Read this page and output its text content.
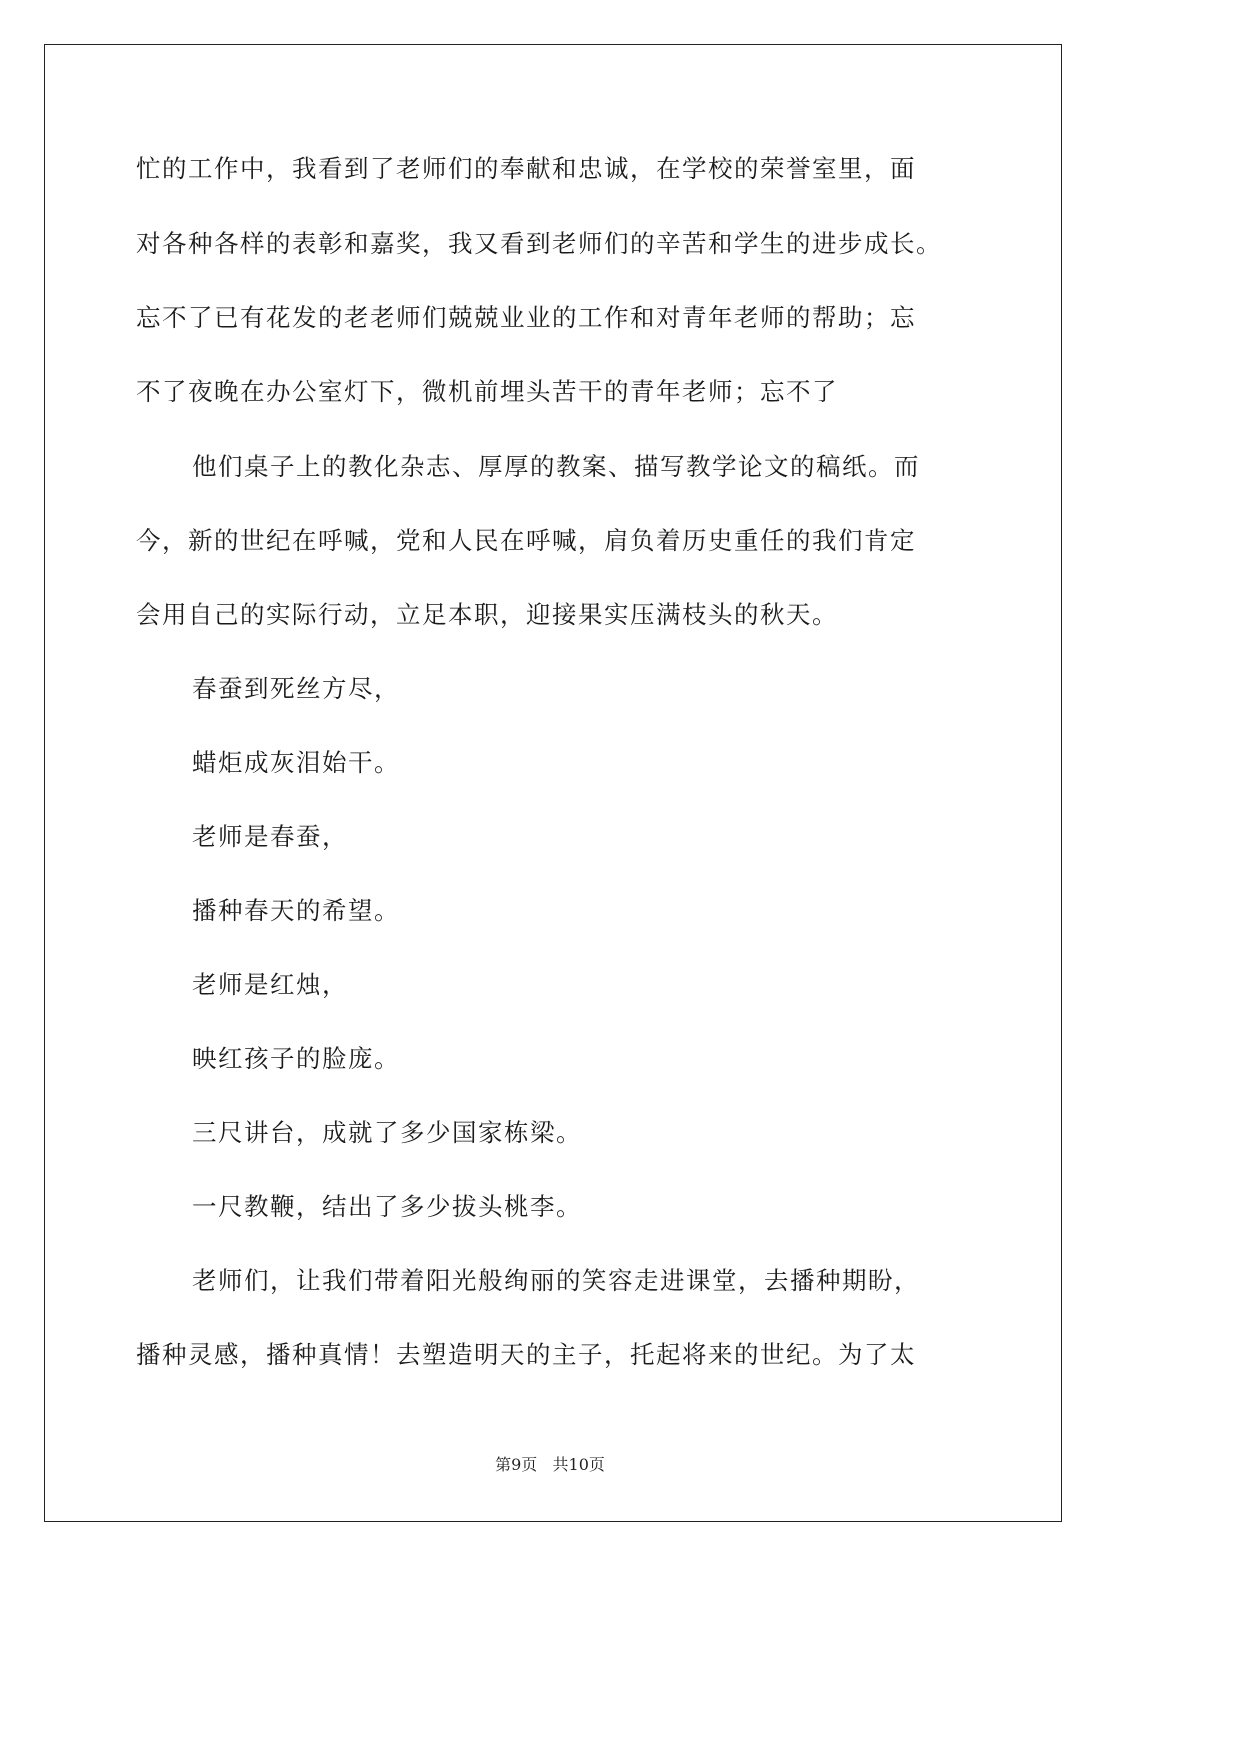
忙的工作中，我看到了老师们的奉献和忠诚，在学校的荣誉室里，面
对各种各样的表彰和嘉奖，我又看到老师们的辛苦和学生的进步成长。
忘不了已有花发的老老师们兢兢业业的工作和对青年老师的帮助；忘
不了夜晚在办公室灯下，微机前埋头苦干的青年老师；忘不了
他们桌子上的教化杂志、厚厚的教案、描写教学论文的稿纸。而
今，新的世纪在呼喊，党和人民在呼喊，肩负着历史重任的我们肯定
会用自己的实际行动，立足本职，迎接果实压满枝头的秋天。
春蚕到死丝方尽，
蜡炬成灰泪始干。
老师是春蚕，
播种春天的希望。
老师是红烛，
映红孩子的脸庞。
三尺讲台，成就了多少国家栋梁。
一尺教鞭，结出了多少拔头桃李。
老师们，让我们带着阳光般绚丽的笑容走进课堂，去播种期盼，
播种灵感，播种真情！去塑造明天的主子，托起将来的世纪。为了太
第9页 共10页
